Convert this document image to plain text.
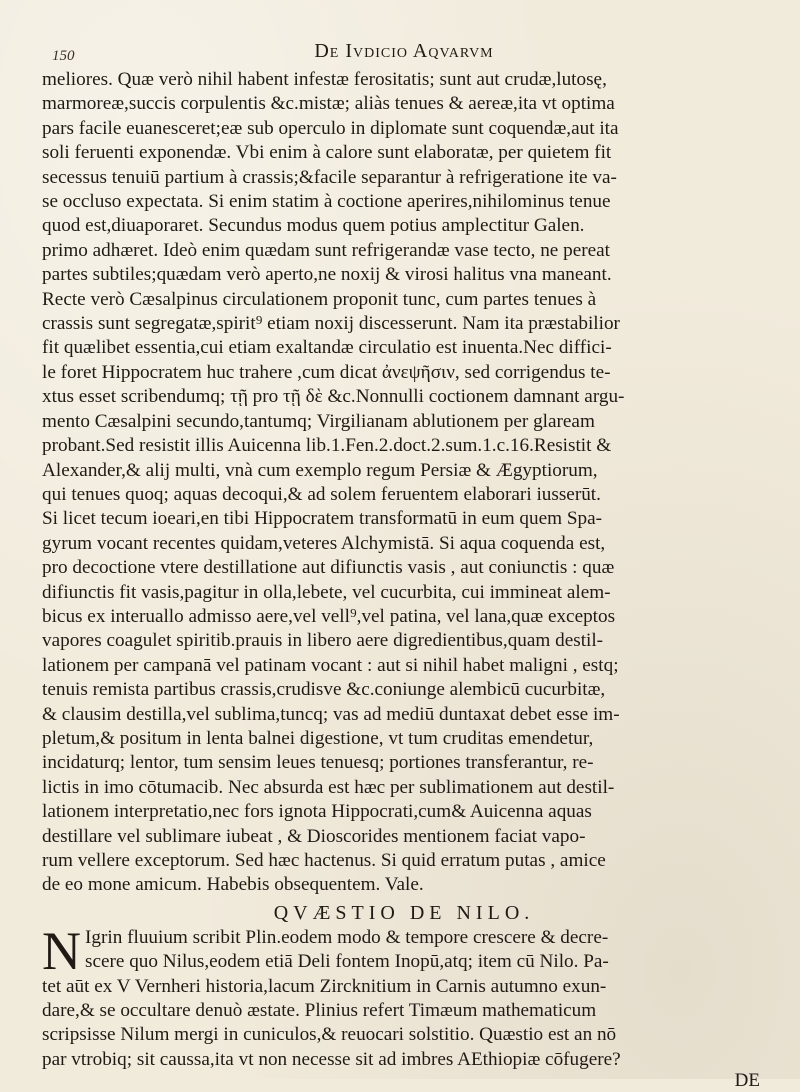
150	De Ivdicio Aqvarvm
meliores. Quæ verò nihil habent infestæ ferositatis; sunt aut crudæ,lutosę,
marmoreæ,succis corpulentis &c.mistæ; aliàs tenues & aereæ,ita vt optima
pars facile euanesceret;eæ sub operculo in diplomate sunt coquendæ,aut ita
soli feruenti exponendæ. Vbi enim à calore sunt elaboratæ, per quietem fit
secessus tenuiū partium à crassis;&facile separantur à refrigeratione ite va-
se occluso expectata. Si enim statim à coctione aperires,nihilominus tenue
quod est,diuaporaret. Secundus modus quem potius amplectitur Galen.
primo adhæret. Ideò enim quædam sunt refrigerandæ vase tecto, ne pereat
partes subtiles;quædam verò aperto,ne noxij & virosi halitus vna maneant.
Recte verò Cæsalpinus circulationem proponit tunc, cum partes tenues à
crassis sunt segregatæ,spirit⁹ etiam noxij discesserunt. Nam ita præstabilior
fit quælibet essentia,cui etiam exaltandæ circulatio est inuenta.Nec diffici-
le foret Hippocratem huc trahere ,cum dicat ἀνεψῆσιν, sed corrigendus te-
xtus esset scribendumq; τῇ pro τῇ δὲ &c.Nonnulli coctionem damnant argu-
mento Cæsalpini secundo,tantumq; Virgilianam ablutionem per glaream
probant.Sed resistit illis Auicenna lib.1.Fen.2.doct.2.sum.1.c.16.Resistit &
Alexander,& alij multi, vnà cum exemplo regum Persiæ & Ægyptiorum,
qui tenues quoq; aquas decoqui,& ad solem feruentem elaborari iusserūt.
Si licet tecum ioeari,en tibi Hippocratem transformatū in eum quem Spa-
gyrum vocant recentes quidam,veteres Alchymistā. Si aqua coquenda est,
pro decoctione vtere destillatione aut difiunctis vasis , aut coniunctis : quæ
difiunctis fit vasis,pagitur in olla,lebete, vel cucurbita, cui immineat alem-
bicus ex interuallo admisso aere,vel vell⁹,vel patina, vel lana,quæ exceptos
vapores coagulet spiritib.prauis in libero aere digredientibus,quam destil-
lationem per campanā vel patinam vocant : aut si nihil habet maligni , estq;
tenuis remista partibus crassis,crudisve &c.coniunge alembicū cucurbitæ,
& clausim destilla,vel sublima,tuncq; vas ad mediū duntaxat debet esse im-
pletum,& positum in lenta balnei digestione, vt tum cruditas emendetur,
incidaturq; lentor, tum sensim leues tenuesq; portiones transferantur, re-
lictis in imo cōtumacib. Nec absurda est hæc per sublimationem aut destil-
lationem interpretatio,nec fors ignota Hippocrati,cum& Auicenna aquas
destillare vel sublimare iubeat , & Dioscorides mentionem faciat vapo-
rum vellere exceptorum. Sed hæc hactenus. Si quid erratum putas , amice
de eo mone amicum. Habebis obsequentem. Vale.
QVÆSTIO DE NILO.
N Igrin fluuium scribit Plin.eodem modo & tempore crescere & decre-
scere quo Nilus,eodem etiā Deli fontem Inopū,atq; item cū Nilo. Pa-
tet aūt ex V Vernheri historia,lacum Zircknitium in Carnis autumno exun-
dare,& se occultare denuò æstate. Plinius refert Timæum mathematicum
scripsisse Nilum mergi in cuniculos,& reuocari solstitio. Quæstio est an nō
par vtrobiq; sit caussa,ita vt non necesse sit ad imbres AEthiopiæ cōfugere?
DE
